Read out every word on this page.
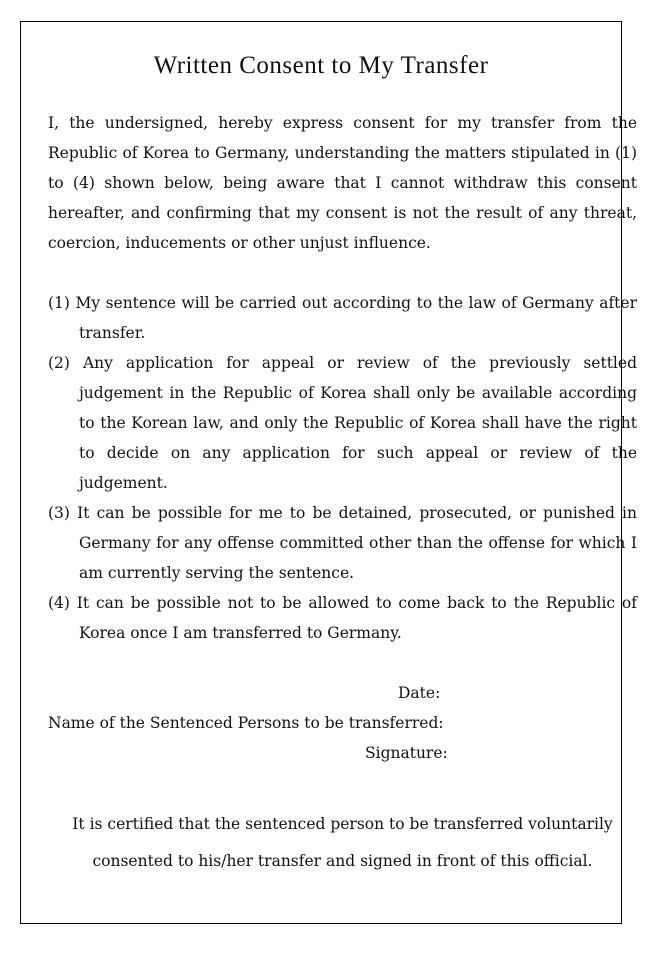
Written Consent to My Transfer
I, the undersigned, hereby express consent for my transfer from the Republic of Korea to Germany, understanding the matters stipulated in (1) to (4) shown below, being aware that I cannot withdraw this consent hereafter, and confirming that my consent is not the result of any threat, coercion, inducements or other unjust influence.
(1) My sentence will be carried out according to the law of Germany after transfer.
(2) Any application for appeal or review of the previously settled judgement in the Republic of Korea shall only be available according to the Korean law, and only the Republic of Korea shall have the right to decide on any application for such appeal or review of the judgement.
(3) It can be possible for me to be detained, prosecuted, or punished in Germany for any offense committed other than the offense for which I am currently serving the sentence.
(4) It can be possible not to be allowed to come back to the Republic of Korea once I am transferred to Germany.
Date:
Name of the Sentenced Persons to be transferred:
Signature:
It is certified that the sentenced person to be transferred voluntarily
consented to his/her transfer and signed in front of this official.
